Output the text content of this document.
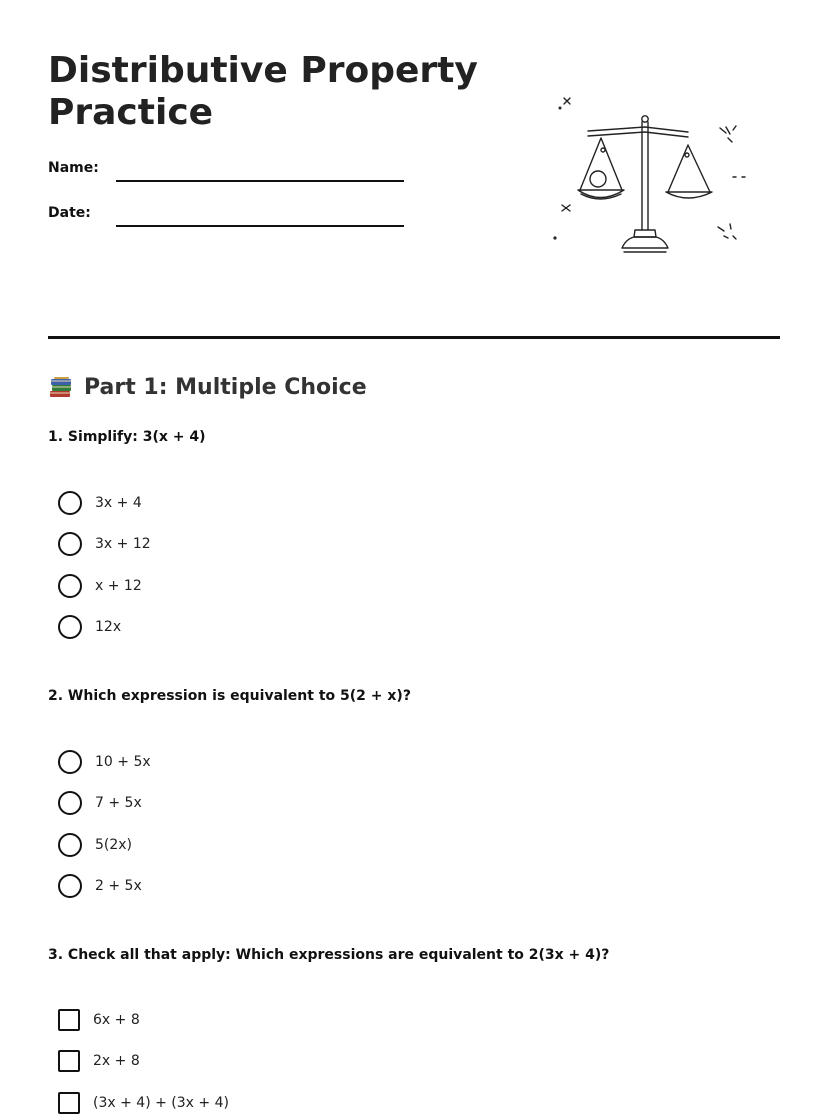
Distributive Property Practice
Name:
Date:
Part 1: Multiple Choice

1. Simplify: 3(x + 4)

3x + 4
3x + 12
x + 12
12x

2. Which expression is equivalent to 5(2 + x)?

10 + 5x
7 + 5x
5(2x)
2 + 5x

3. Check all that apply: Which expressions are equivalent to 2(3x + 4)?

6x + 8
2x + 8
(3x + 4) + (3x + 4)
